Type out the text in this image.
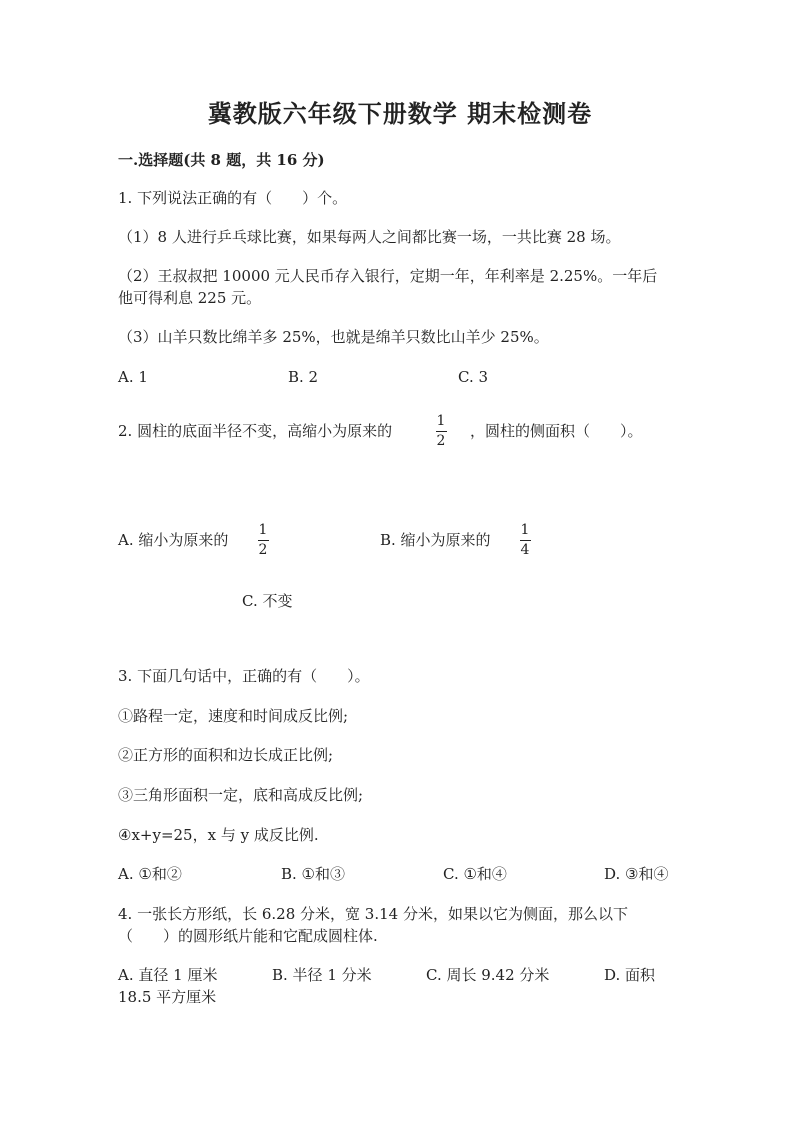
冀教版六年级下册数学 期末检测卷
一.选择题(共 8 题，共 16 分)
1. 下列说法正确的有（　　）个。
（1）8 人进行乒乓球比赛，如果每两人之间都比赛一场，一共比赛 28 场。
（2）王叔叔把 10000 元人民币存入银行，定期一年，年利率是 2.25%。一年后
他可得利息 225 元。
（3）山羊只数比绵羊多 25%，也就是绵羊只数比山羊少 25%。
A. 1	B. 2	C. 3
2. 圆柱的底面半径不变，高缩小为原来的
1
2
，圆柱的侧面积（　　）。
A. 缩小为原来的
1
2
B. 缩小为原来的
1
4
C. 不变
3. 下面几句话中，正确的有（　　）。
①路程一定，速度和时间成反比例;
②正方形的面积和边长成正比例;
③三角形面积一定，底和高成反比例;
④x+y=25，x 与 y 成反比例.
A. ①和②	B. ①和③	C. ①和④	D. ③和④
4. 一张长方形纸，长 6.28 分米，宽 3.14 分米，如果以它为侧面，那么以下
（　　）的圆形纸片能和它配成圆柱体.
A. 直径 1 厘米	B. 半径 1 分米	C. 周长 9.42 分米	D. 面积
18.5 平方厘米
